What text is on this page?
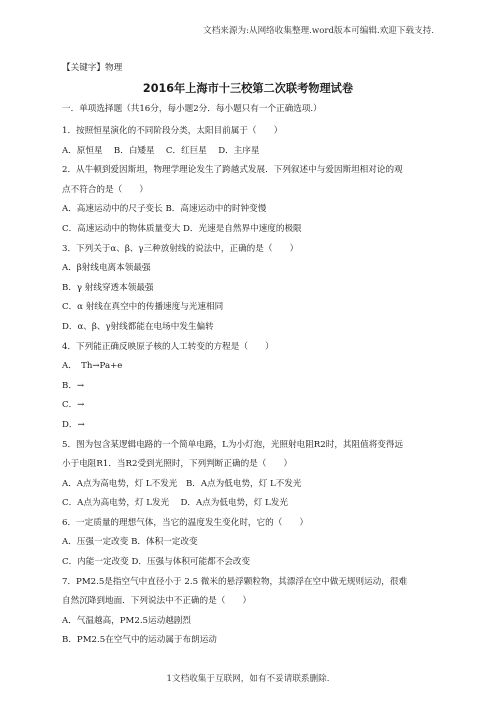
文档来源为:从网络收集整理.word版本可编辑.欢迎下载支持.
【关键字】物理
2016年上海市十三校第二次联考物理试卷
一．单项选择题（共16分，每小题2分．每小题只有一个正确选项.）
1．按照恒星演化的不同阶段分类，太阳目前属于（　　）
A．原恒星　 B．白矮星　 C．红巨星　 D．主序星
2．从牛顿到爱因斯坦，物理学理论发生了跨越式发展．下列叙述中与爱因斯坦相对论的观
点不符合的是（　　）
A．高速运动中的尺子变长 B．高速运动中的时钟变慢
C．高速运动中的物体质量变大 D．光速是自然界中速度的极限
3．下列关于α、β、γ三种放射线的说法中，正确的是（　　）
A．β射线电离本领最强
B．γ 射线穿透本领最强
C．α 射线在真空中的传播速度与光速相同
D．α、β、γ射线都能在电场中发生偏转
4．下列能正确反映原子核的人工转变的方程是（　　）
A．　Th→Pa+e
B．→
C．→
D．→
5．图为包含某逻辑电路的一个简单电路，L为小灯泡，光照射电阻R2时，其阻值将变得远
小于电阻R1．当R2受到光照时，下列判断正确的是（　　）
A．A点为高电势，灯 L不发光　B．A点为低电势，灯 L不发光
C．A点为高电势，灯 L发光　 D．A点为低电势，灯 L发光
6．一定质量的理想气体，当它的温度发生变化时，它的（　　）
A．压强一定改变 B．体积一定改变
C．内能一定改变 D．压强与体积可能都不会改变
7．PM2.5是指空气中直径小于 2.5 微米的悬浮颗粒物，其漂浮在空中做无规则运动，很难
自然沉降到地面．下列说法中不正确的是（　　）
A．气温越高，PM2.5运动越剧烈
B．PM2.5在空气中的运动属于布朗运动
1文档收集于互联网，如有不妥请联系删除.
